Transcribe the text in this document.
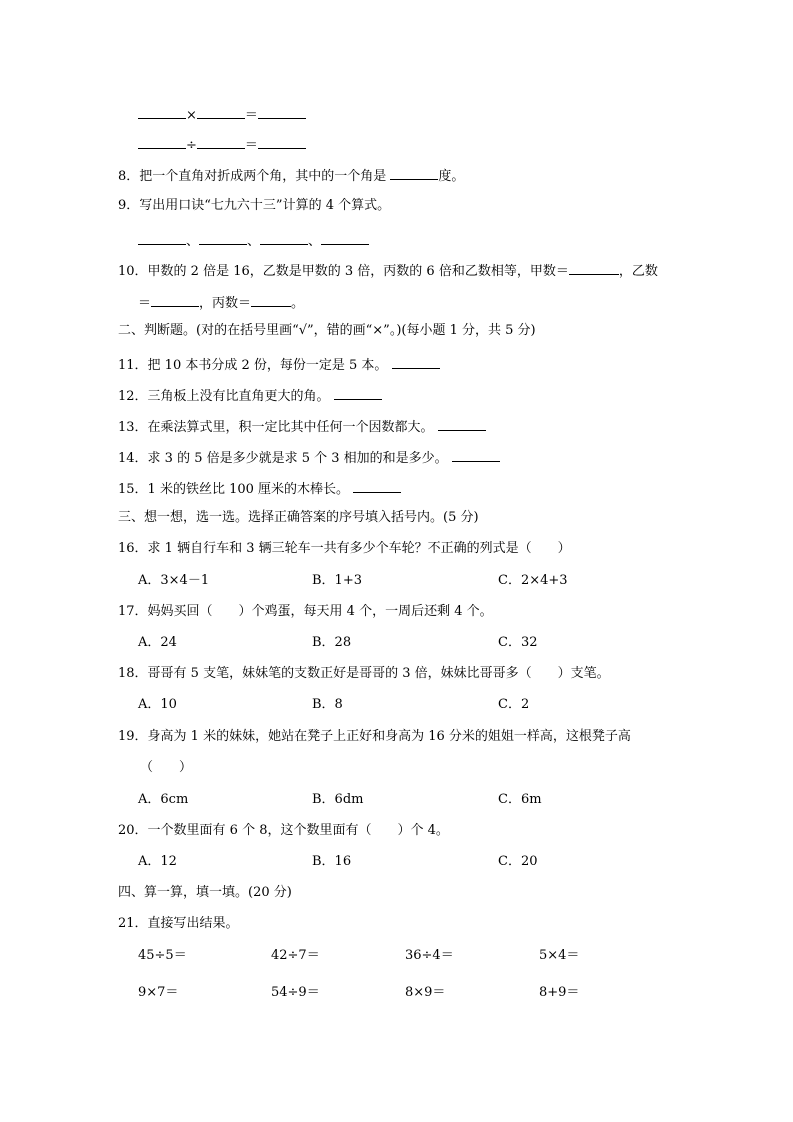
×	＝
÷	＝
8．把一个直角对折成两个角，其中的一个角是	度。
9．写出用口诀“七九六十三”计算的 4 个算式。
、	、	、
10．甲数的 2 倍是 16，乙数是甲数的 3 倍，丙数的 6 倍和乙数相等，甲数＝	，乙数
＝	，丙数＝	。
二、判断题。(对的在括号里画“√”，错的画“×”。)(每小题 1 分，共 5 分)
11．把 10 本书分成 2 份，每份一定是 5 本。
12．三角板上没有比直角更大的角。
13．在乘法算式里，积一定比其中任何一个因数都大。
14．求 3 的 5 倍是多少就是求 5 个 3 相加的和是多少。
15．1 米的铁丝比 100 厘米的木棒长。
三、想一想，选一选。选择正确答案的序号填入括号内。(5 分)
16．求 1 辆自行车和 3 辆三轮车一共有多少个车轮？不正确的列式是（　　）
A．3×4－1	B．1+3	C．2×4+3
17．妈妈买回（　　）个鸡蛋，每天用 4 个，一周后还剩 4 个。
A．24	B．28	C．32
18．哥哥有 5 支笔，妹妹笔的支数正好是哥哥的 3 倍，妹妹比哥哥多（　　）支笔。
A．10	B．8	C．2
19．身高为 1 米的妹妹，她站在凳子上正好和身高为 16 分米的姐姐一样高，这根凳子高
（　　）
A．6cm	B．6dm	C．6m
20．一个数里面有 6 个 8，这个数里面有（　　）个 4。
A．12	B．16	C．20
四、算一算，填一填。(20 分)
21．直接写出结果。
45÷5＝	42÷7＝	36÷4＝	5×4＝
9×7＝	54÷9＝	8×9＝	8+9＝
